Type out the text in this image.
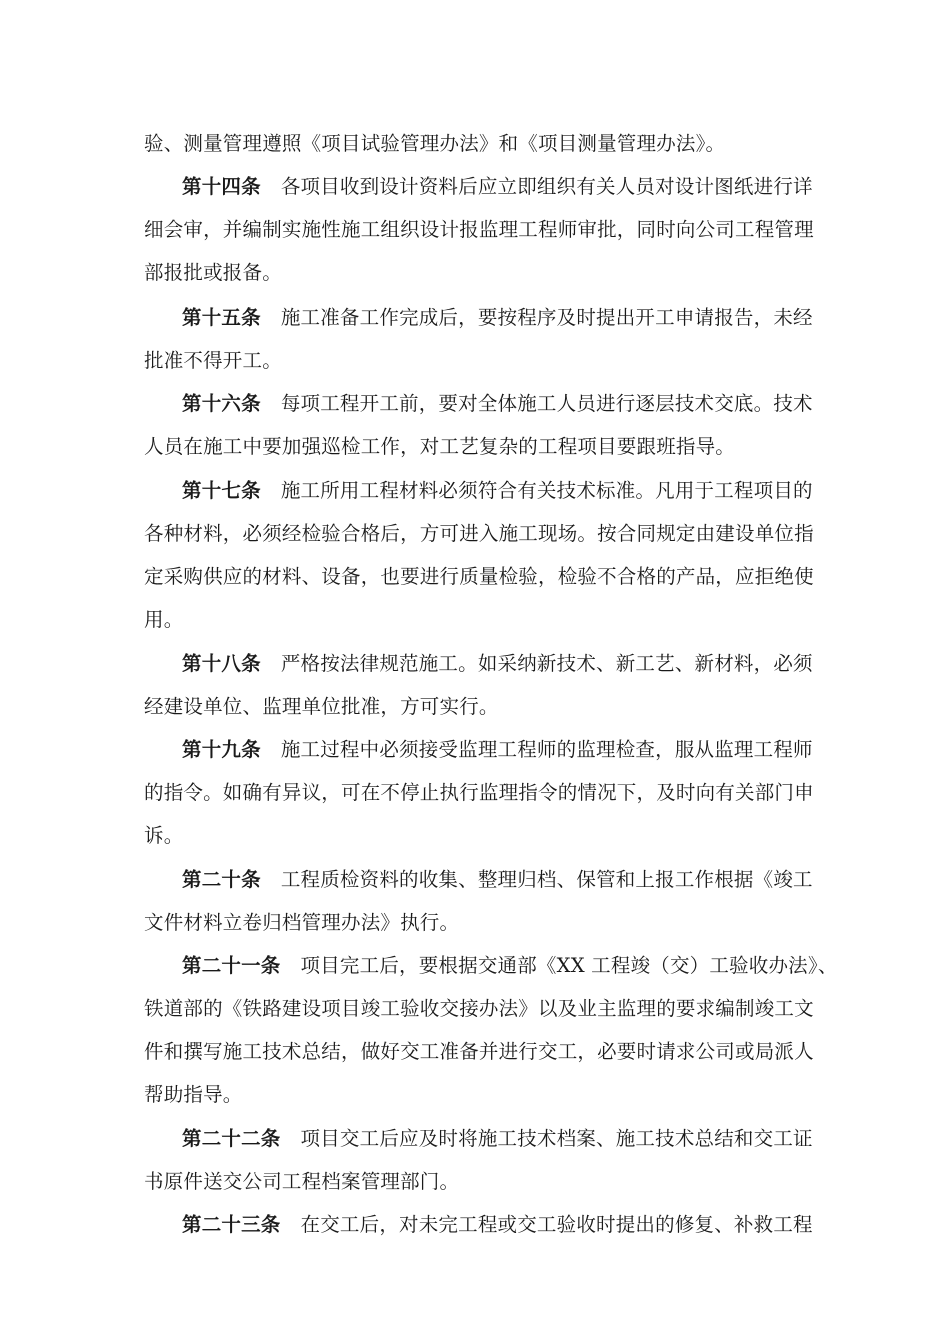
验、测量管理遵照《项目试验管理办法》和《项目测量管理办法》。
第十四条 各项目收到设计资料后应立即组织有关人员对设计图纸进行详
细会审，并编制实施性施工组织设计报监理工程师审批，同时向公司工程管理
部报批或报备。
第十五条 施工准备工作完成后，要按程序及时提出开工申请报告，未经
批准不得开工。
第十六条 每项工程开工前，要对全体施工人员进行逐层技术交底。技术
人员在施工中要加强巡检工作，对工艺复杂的工程项目要跟班指导。
第十七条 施工所用工程材料必须符合有关技术标准。凡用于工程项目的
各种材料，必须经检验合格后，方可进入施工现场。按合同规定由建设单位指
定采购供应的材料、设备，也要进行质量检验，检验不合格的产品，应拒绝使
用。
第十八条 严格按法律规范施工。如采纳新技术、新工艺、新材料，必须
经建设单位、监理单位批准，方可实行。
第十九条 施工过程中必须接受监理工程师的监理检查，服从监理工程师
的指令。如确有异议，可在不停止执行监理指令的情况下，及时向有关部门申
诉。
第二十条 工程质检资料的收集、整理归档、保管和上报工作根据《竣工
文件材料立卷归档管理办法》执行。
第二十一条 项目完工后，要根据交通部《XX 工程竣（交）工验收办法》、
铁道部的《铁路建设项目竣工验收交接办法》以及业主监理的要求编制竣工文
件和撰写施工技术总结，做好交工准备并进行交工，必要时请求公司或局派人
帮助指导。
第二十二条 项目交工后应及时将施工技术档案、施工技术总结和交工证
书原件送交公司工程档案管理部门。
第二十三条 在交工后，对未完工程或交工验收时提出的修复、补救工程
